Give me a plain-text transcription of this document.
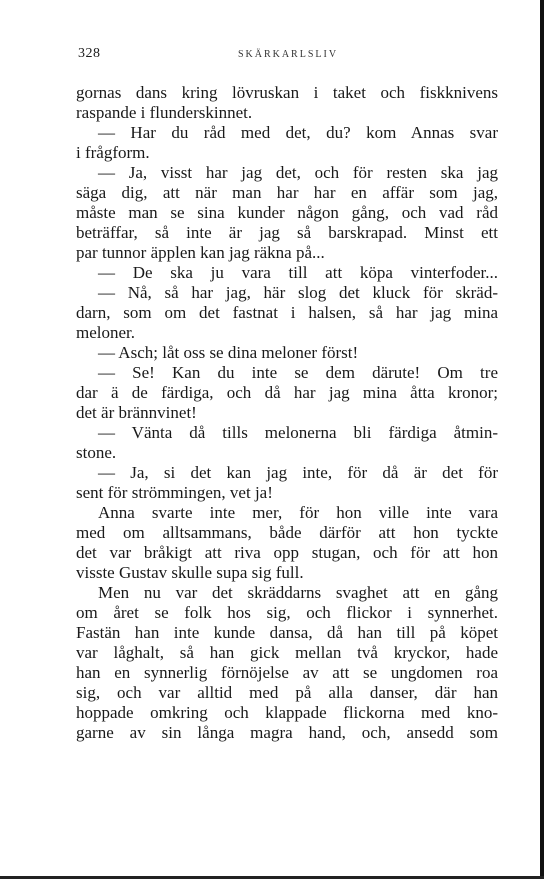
328	SKÄRKARLSLIV
gornas dans kring lövruskan i taket och fiskknivens
raspande i flunderskinnet.
— Har du råd med det, du? kom Annas svar
i frågform.
— Ja, visst har jag det, och för resten ska jag
säga dig, att när man har har en affär som jag,
måste man se sina kunder någon gång, och vad råd
beträffar, så inte är jag så barskrapad. Minst ett
par tunnor äpplen kan jag räkna på...
— De ska ju vara till att köpa vinterfoder...
— Nå, så har jag, här slog det kluck för skräd-
darn, som om det fastnat i halsen, så har jag mina
meloner.
— Asch; låt oss se dina meloner först!
— Se! Kan du inte se dem därute! Om tre
dar ä de färdiga, och då har jag mina åtta kronor;
det är brännvinet!
— Vänta då tills melonerna bli färdiga åtmin-
stone.
— Ja, si det kan jag inte, för då är det för
sent för strömmingen, vet ja!
Anna svarte inte mer, för hon ville inte vara
med om alltsammans, både därför att hon tyckte
det var bråkigt att riva opp stugan, och för att hon
visste Gustav skulle supa sig full.
Men nu var det skräddarns svaghet att en gång
om året se folk hos sig, och flickor i synnerhet.
Fastän han inte kunde dansa, då han till på köpet
var låghalt, så han gick mellan två kryckor, hade
han en synnerlig förnöjelse av att se ungdomen roa
sig, och var alltid med på alla danser, där han
hoppade omkring och klappade flickorna med kno-
garne av sin långa magra hand, och, ansedd som
